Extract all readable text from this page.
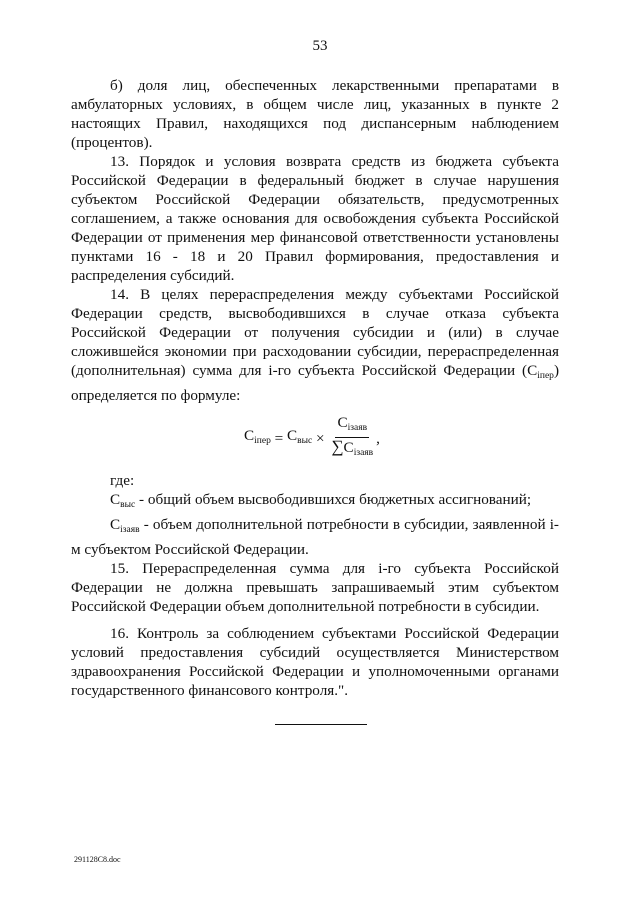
53

б) доля лиц, обеспеченных лекарственными препаратами в амбулаторных условиях, в общем числе лиц, указанных в пункте 2 настоящих Правил, находящихся под диспансерным наблюдением (процентов).

13. Порядок и условия возврата средств из бюджета субъекта Российской Федерации в федеральный бюджет в случае нарушения субъектом Российской Федерации обязательств, предусмотренных соглашением, а также основания для освобождения субъекта Российской Федерации от применения мер финансовой ответственности установлены пунктами 16 - 18 и 20 Правил формирования, предоставления и распределения субсидий.

14. В целях перераспределения между субъектами Российской Федерации средств, высвободившихся в случае отказа субъекта Российской Федерации от получения субсидии и (или) в случае сложившейся экономии при расходовании субсидии, перераспределенная (дополнительная) сумма для i-го субъекта Российской Федерации $(C_{iпер})$ определяется по формуле:

$C_{iпер} = C_{выс} \times \frac{C_{iзаяв}}{\sum C_{iзаяв}}$ ,

где:

$C_{выс}$ - общий объем высвободившихся бюджетных ассигнований;

$C_{iзаяв}$ - объем дополнительной потребности в субсидии, заявленной i-м субъектом Российской Федерации.

15. Перераспределенная сумма для i-го субъекта Российской Федерации не должна превышать запрашиваемый этим субъектом Российской Федерации объем дополнительной потребности в субсидии.

16. Контроль за соблюдением субъектами Российской Федерации условий предоставления субсидий осуществляется Министерством здравоохранения Российской Федерации и уполномоченными органами государственного финансового контроля.".

291128C8.doc
